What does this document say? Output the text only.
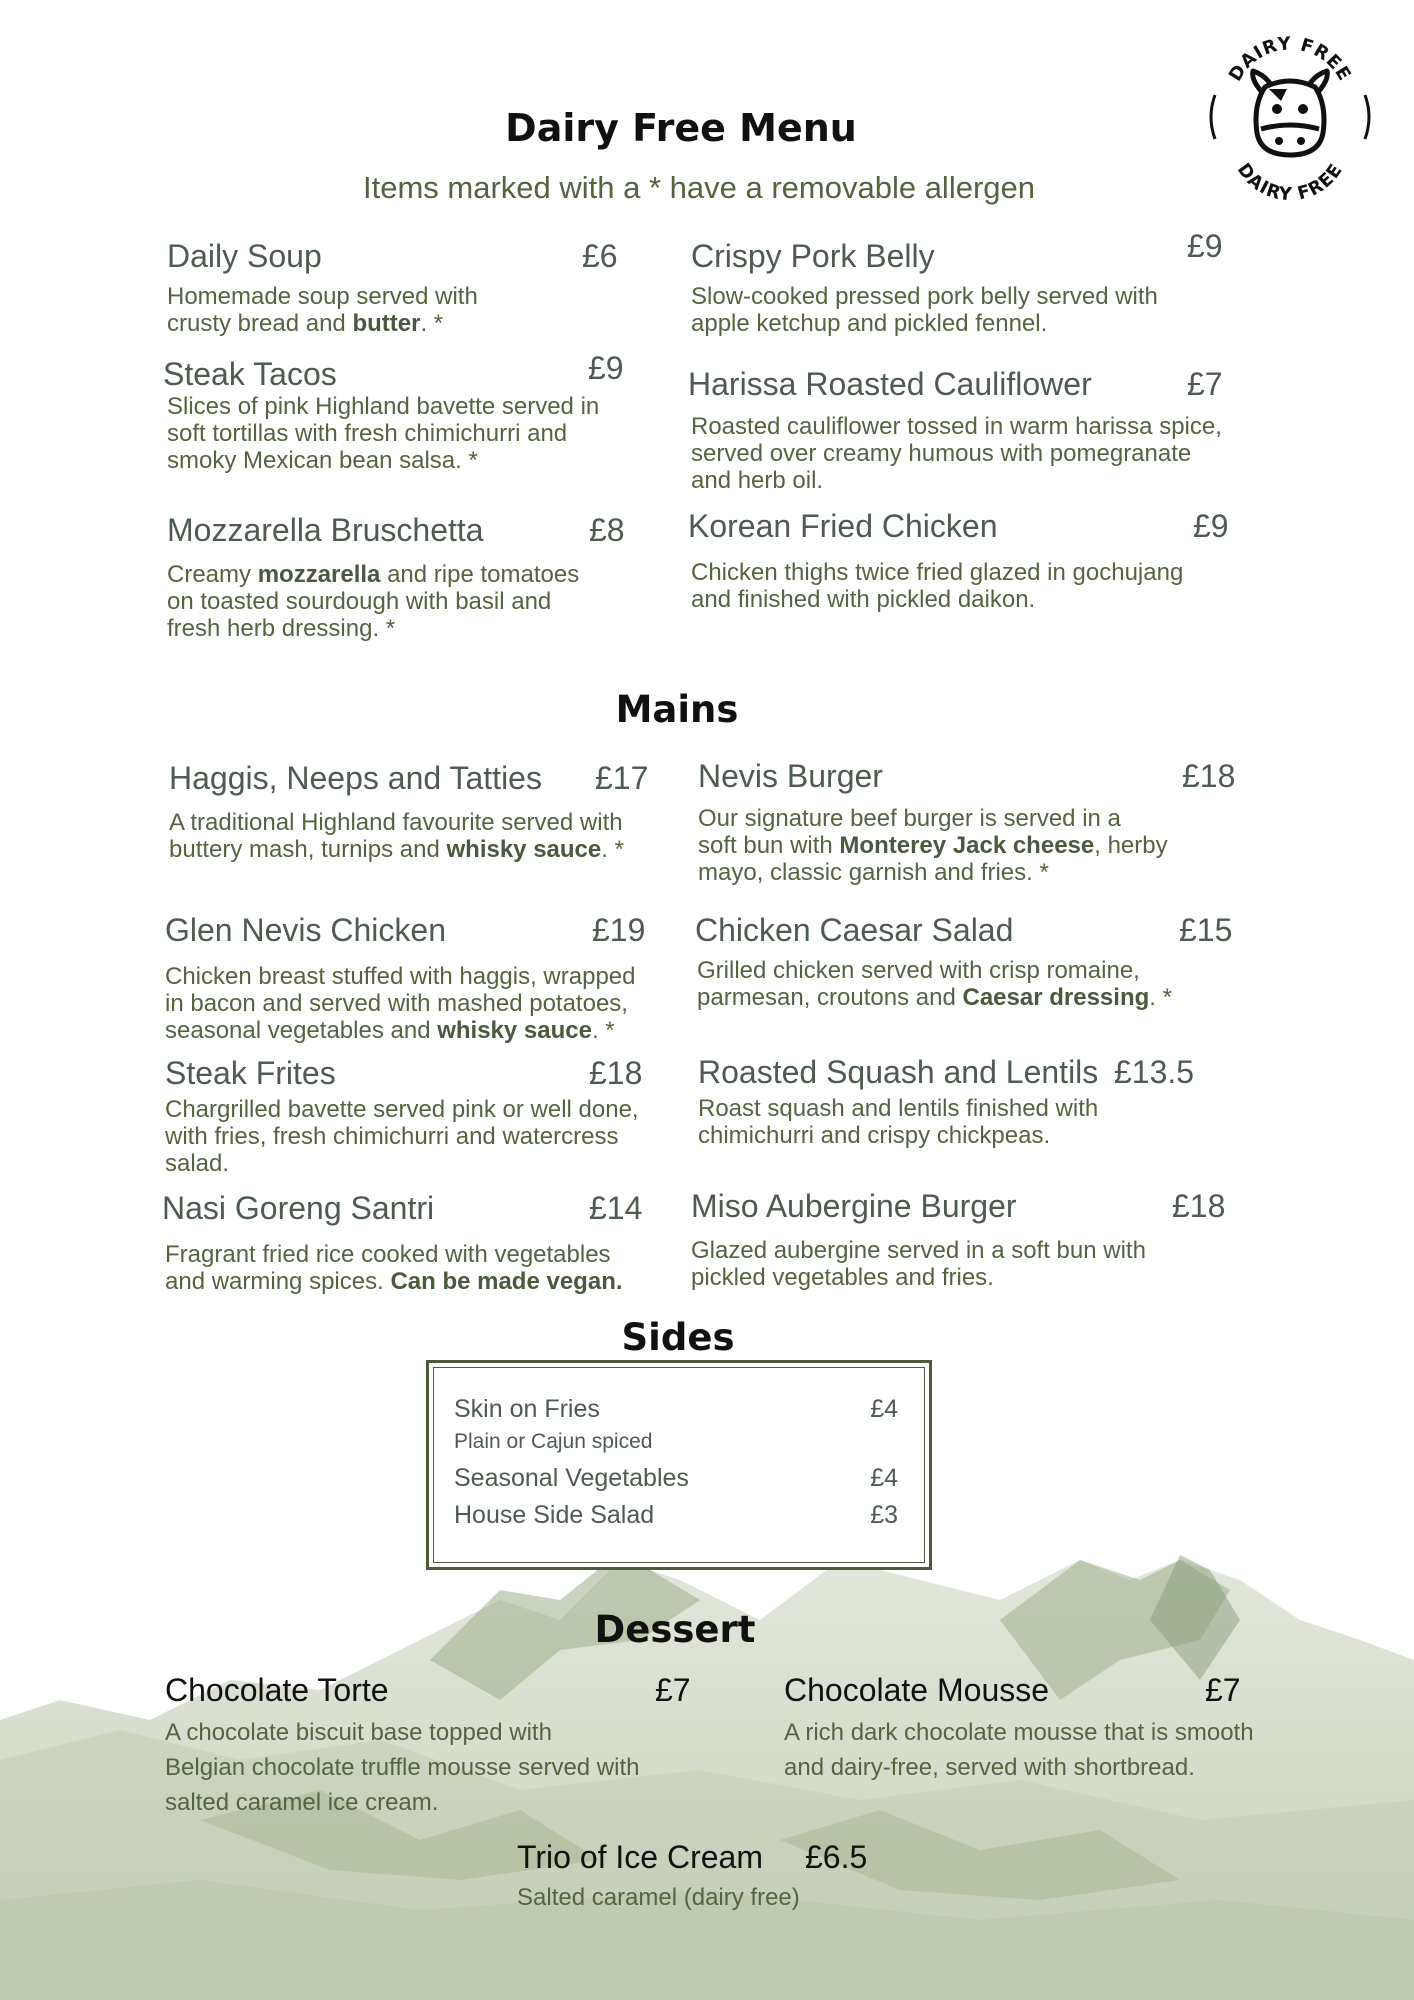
DAIRY FREE
DAIRY FREE
Dairy Free Menu
Items marked with a * have a removable allergen
Daily Soup	£6
Homemade soup served with
crusty bread and butter. *
Crispy Pork Belly	£9
Slow-cooked pressed pork belly served with
apple ketchup and pickled fennel.
Steak Tacos	£9
Slices of pink Highland bavette served in
soft tortillas with fresh chimichurri and
smoky Mexican bean salsa. *
Harissa Roasted Cauliflower	£7
Roasted cauliflower tossed in warm harissa spice,
served over creamy humous with pomegranate
and herb oil.
Mozzarella Bruschetta	£8
Creamy mozzarella and ripe tomatoes
on toasted sourdough with basil and
fresh herb dressing. *
Korean Fried Chicken	£9
Chicken thighs twice fried glazed in gochujang
and finished with pickled daikon.
Mains
Haggis, Neeps and Tatties	£17
A traditional Highland favourite served with
buttery mash, turnips and whisky sauce. *
Nevis Burger	£18
Our signature beef burger is served in a
soft bun with Monterey Jack cheese, herby
mayo, classic garnish and fries. *
Glen Nevis Chicken	£19
Chicken breast stuffed with haggis, wrapped
in bacon and served with mashed potatoes,
seasonal vegetables and whisky sauce. *
Chicken Caesar Salad	£15
Grilled chicken served with crisp romaine,
parmesan, croutons and Caesar dressing. *
Steak Frites	£18
Chargrilled bavette served pink or well done,
with fries, fresh chimichurri and watercress
salad.
Roasted Squash and Lentils £13.5
Roast squash and lentils finished with
chimichurri and crispy chickpeas.
Nasi Goreng Santri	£14
Fragrant fried rice cooked with vegetables
and warming spices. Can be made vegan.
Miso Aubergine Burger	£18
Glazed aubergine served in a soft bun with
pickled vegetables and fries.
Sides
Skin on Fries	£4
Plain or Cajun spiced
Seasonal Vegetables	£4
House Side Salad	£3
Dessert
Chocolate Torte	£7
A chocolate biscuit base topped with
Belgian chocolate truffle mousse served with
salted caramel ice cream.
Chocolate Mousse	£7
A rich dark chocolate mousse that is smooth
and dairy-free, served with shortbread.
Trio of Ice Cream	£6.5
Salted caramel (dairy free)
